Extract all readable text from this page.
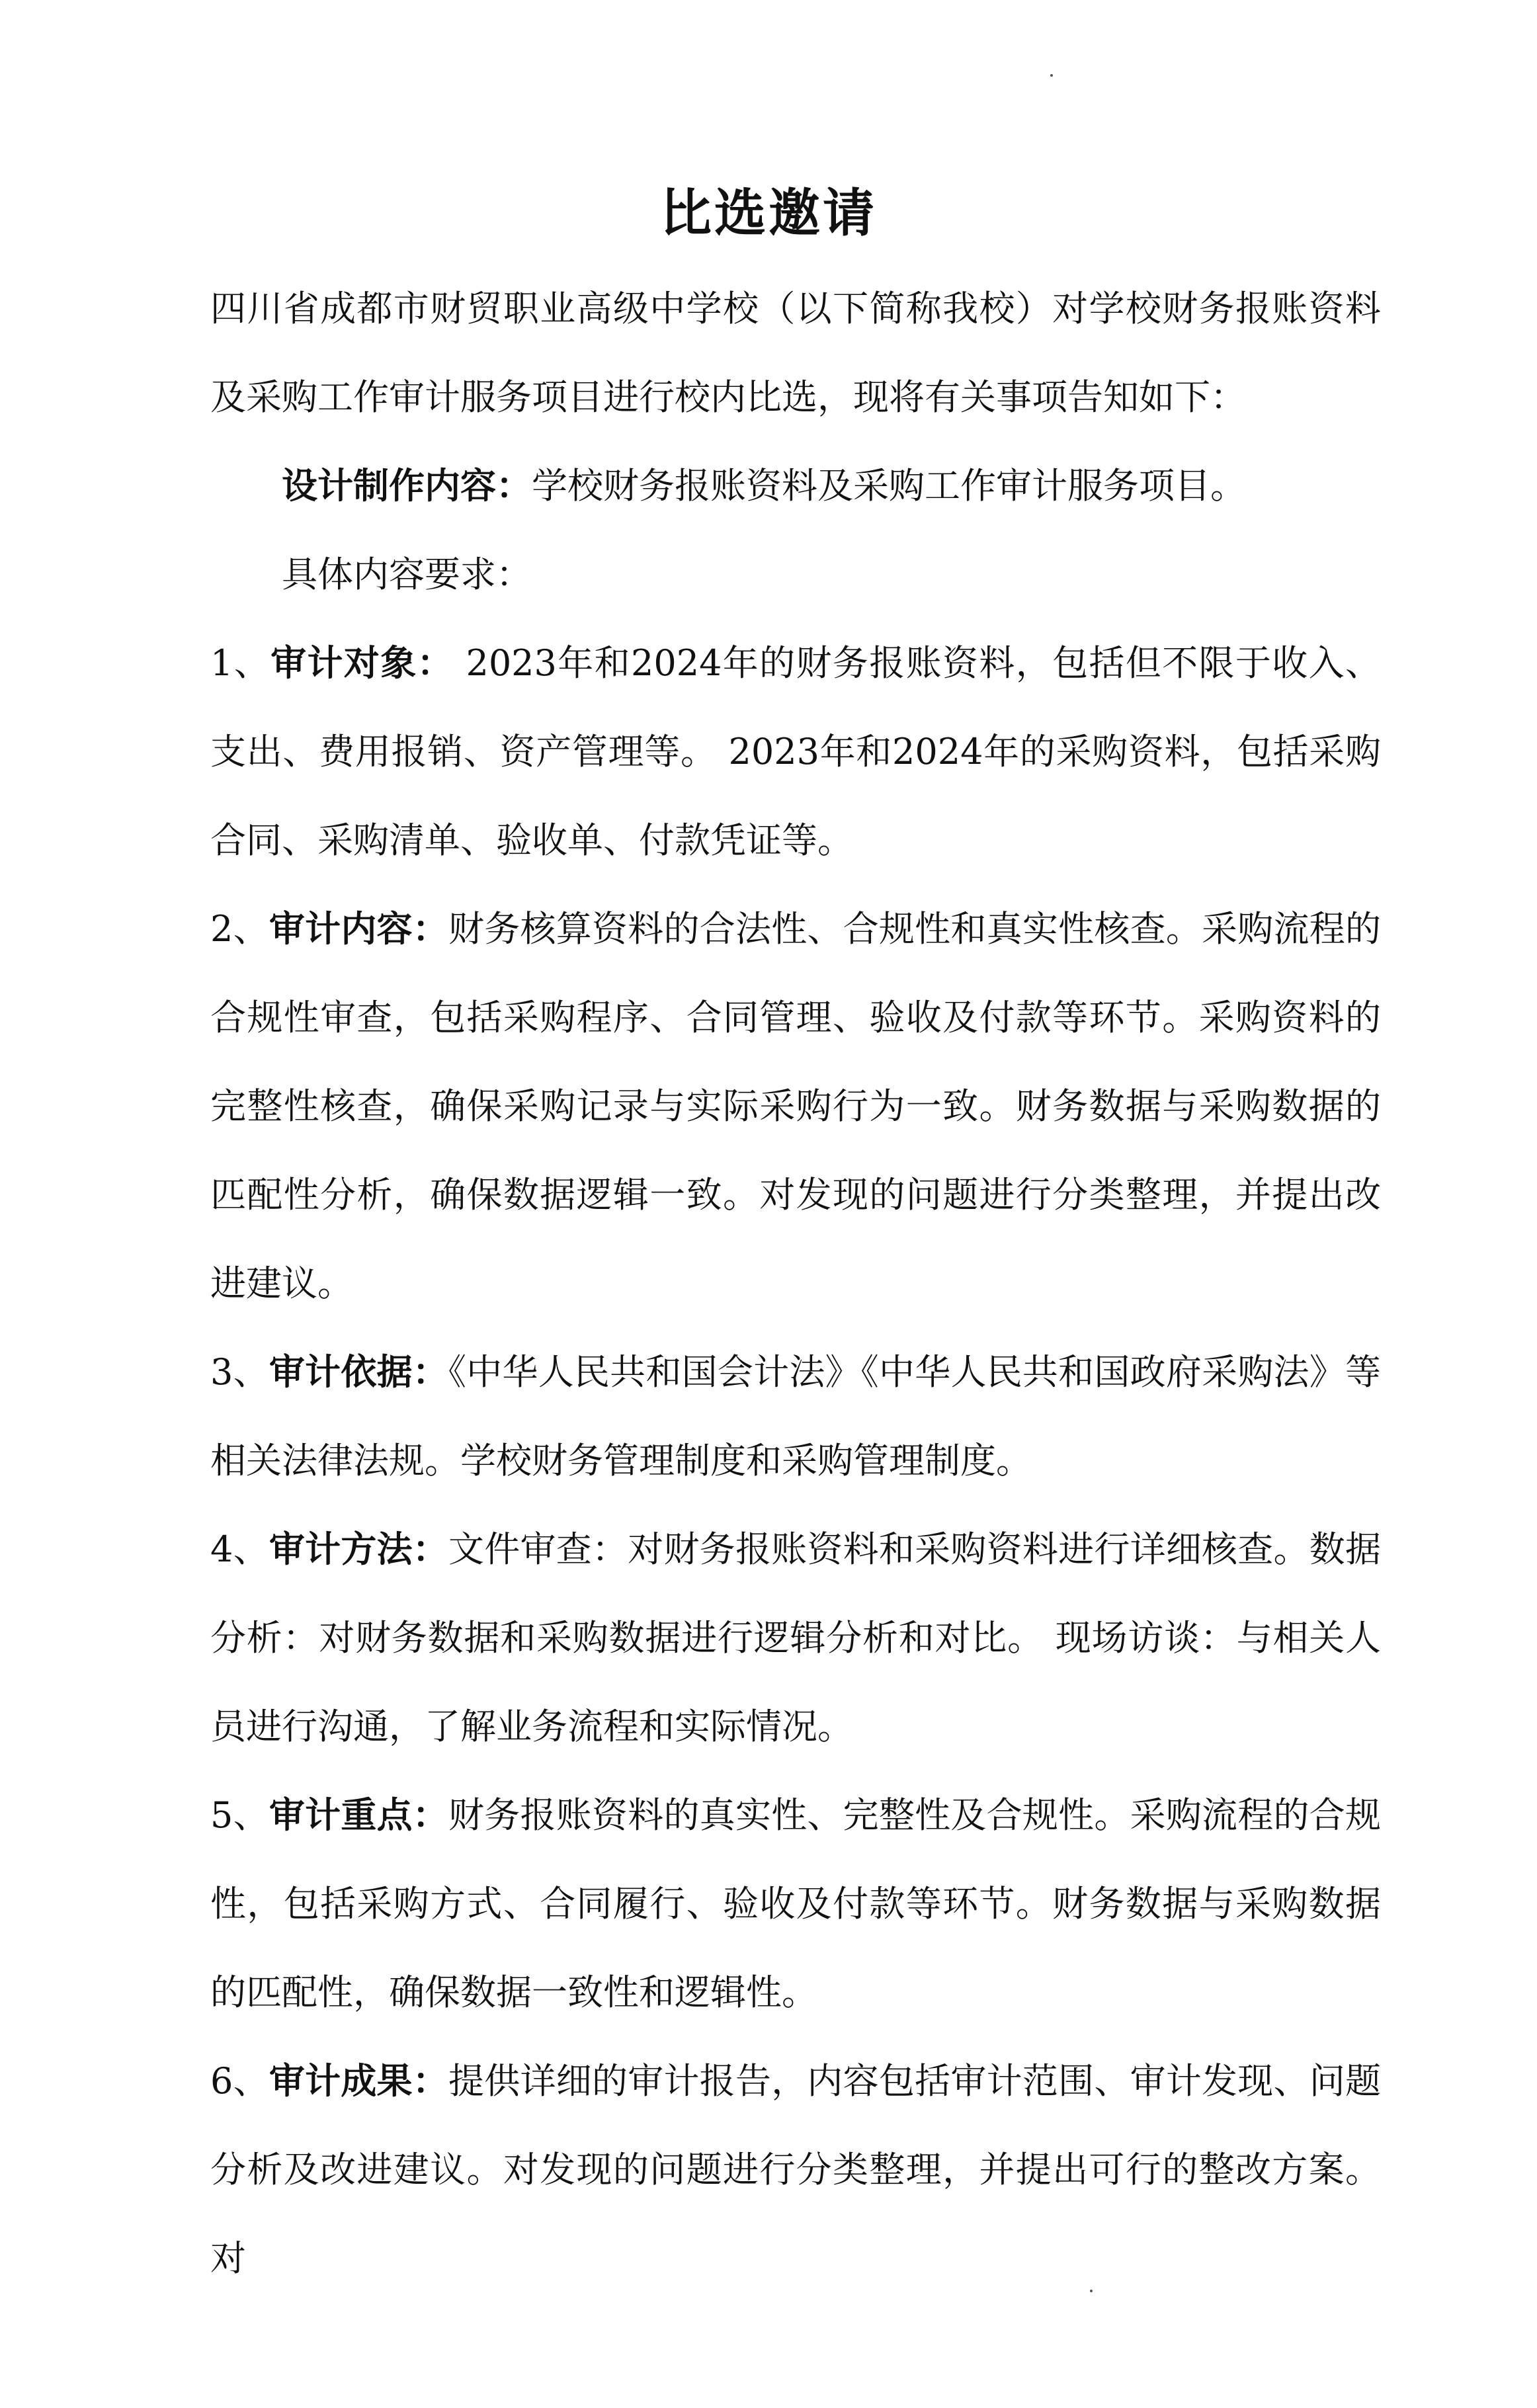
比选邀请

四川省成都市财贸职业高级中学校（以下简称我校）对学校财务报账资料及采购工作审计服务项目进行校内比选，现将有关事项告知如下：

设计制作内容：学校财务报账资料及采购工作审计服务项目。

具体内容要求：

1、审计对象： 2023年和2024年的财务报账资料，包括但不限于收入、支出、费用报销、资产管理等。 2023年和2024年的采购资料，包括采购合同、采购清单、验收单、付款凭证等。

2、审计内容：财务核算资料的合法性、合规性和真实性核查。采购流程的合规性审查，包括采购程序、合同管理、验收及付款等环节。采购资料的完整性核查，确保采购记录与实际采购行为一致。财务数据与采购数据的匹配性分析，确保数据逻辑一致。对发现的问题进行分类整理，并提出改进建议。

3、审计依据：《中华人民共和国会计法》《中华人民共和国政府采购法》等相关法律法规。学校财务管理制度和采购管理制度。

4、审计方法：文件审查：对财务报账资料和采购资料进行详细核查。数据分析：对财务数据和采购数据进行逻辑分析和对比。 现场访谈：与相关人员进行沟通，了解业务流程和实际情况。

5、审计重点：财务报账资料的真实性、完整性及合规性。采购流程的合规性，包括采购方式、合同履行、验收及付款等环节。财务数据与采购数据的匹配性，确保数据一致性和逻辑性。

6、审计成果：提供详细的审计报告，内容包括审计范围、审计发现、问题分析及改进建议。对发现的问题进行分类整理，并提出可行的整改方案。对
